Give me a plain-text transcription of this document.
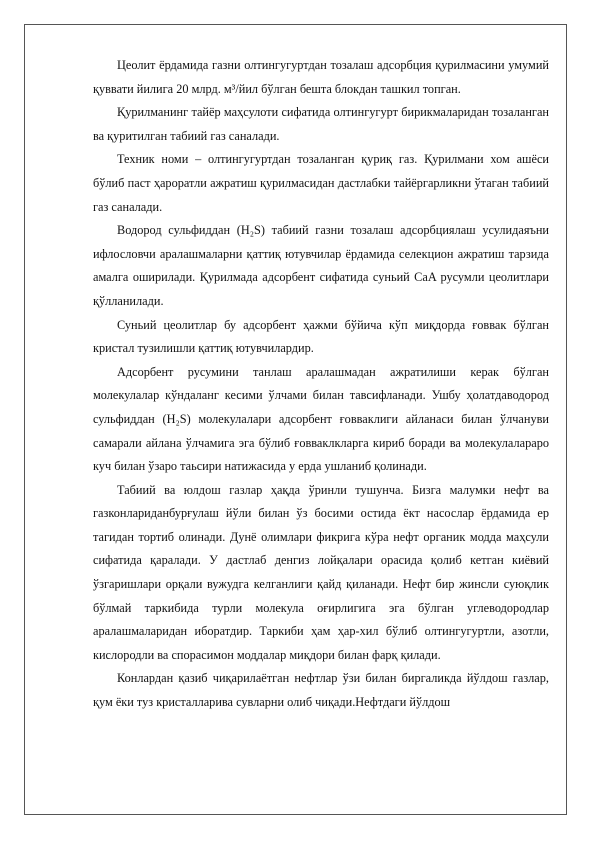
Цеолит ёрдамида газни олтингугуртдан тозалаш адсорбция қурилмасини умумий қуввати йилига 20 млрд. м³/йил бўлган бешта блокдан ташкил топган.

Қурилманинг тайёр маҳсулоти сифатида олтингугурт бирикмаларидан тозаланган ва қуритилган табиий газ саналади.

Техник номи – олтингугуртдан тозаланган қуриқ газ. Қурилмани хом ашёси бўлиб паст ҳароратли ажратиш қурилмасидан дастлабки тайёргарликни ўтаган табиий газ саналади.

Водород сульфиддан (H₂S) табиий газни тозалаш адсорбциялаш усулидаяъни ифлословчи аралашмаларни қаттиқ ютувчилар ёрдамида селекцион ажратиш тарзида амалга оширилади. Қурилмада адсорбент сифатида суньий CaA русумли цеолитлари қўлланилади.

Суньий цеолитлар бу адсорбент ҳажми бўйича кўп миқдорда ғоввак бўлган кристал тузилишли қаттиқ ютувчилардир.

Адсорбент русумини танлаш аралашмадан ажратилиши керак бўлган молекулалар кўндаланг кесими ўлчами билан тавсифланади. Ушбу ҳолатдаводород сульфиддан (H₂S) молекулалари адсорбент ғовваклиги айланаси билан ўлчануви самарали айлана ўлчамига эга бўлиб ғовваклкларга кириб боради ва молекулалараро куч билан ўзаро таьсири натижасида у ерда ушланиб қолинади.

Табиий ва юлдош газлар ҳақда ўринли тушунча. Бизга малумки нефт ва газконлариданбурғулаш йўли билан ўз босими остида ёкт насослар ёрдамида ер тагидан тортиб олинади. Дунё олимлари фикрига кўра нефт органик модда маҳсули сифатида қаралади. У дастлаб денгиз лойқалари орасида қолиб кетган киёвий ўзгаришлари орқали вужудга келганлиги қайд қиланади. Нефт бир жинсли суюқлик бўлмай таркибида турли молекула оғирлигига эга бўлган углеводородлар аралашмаларидан иборатдир. Таркиби ҳам ҳар-хил бўлиб олтингугуртли, азотли, кислородли ва спорасимон моддалар миқдори билан фарқ қилади.

Конлардан қазиб чиқарилаётган нефтлар ўзи билан биргаликда йўлдош газлар, қум ёки туз кристалларива сувларни олиб чиқади.Нефтдаги йўлдош
